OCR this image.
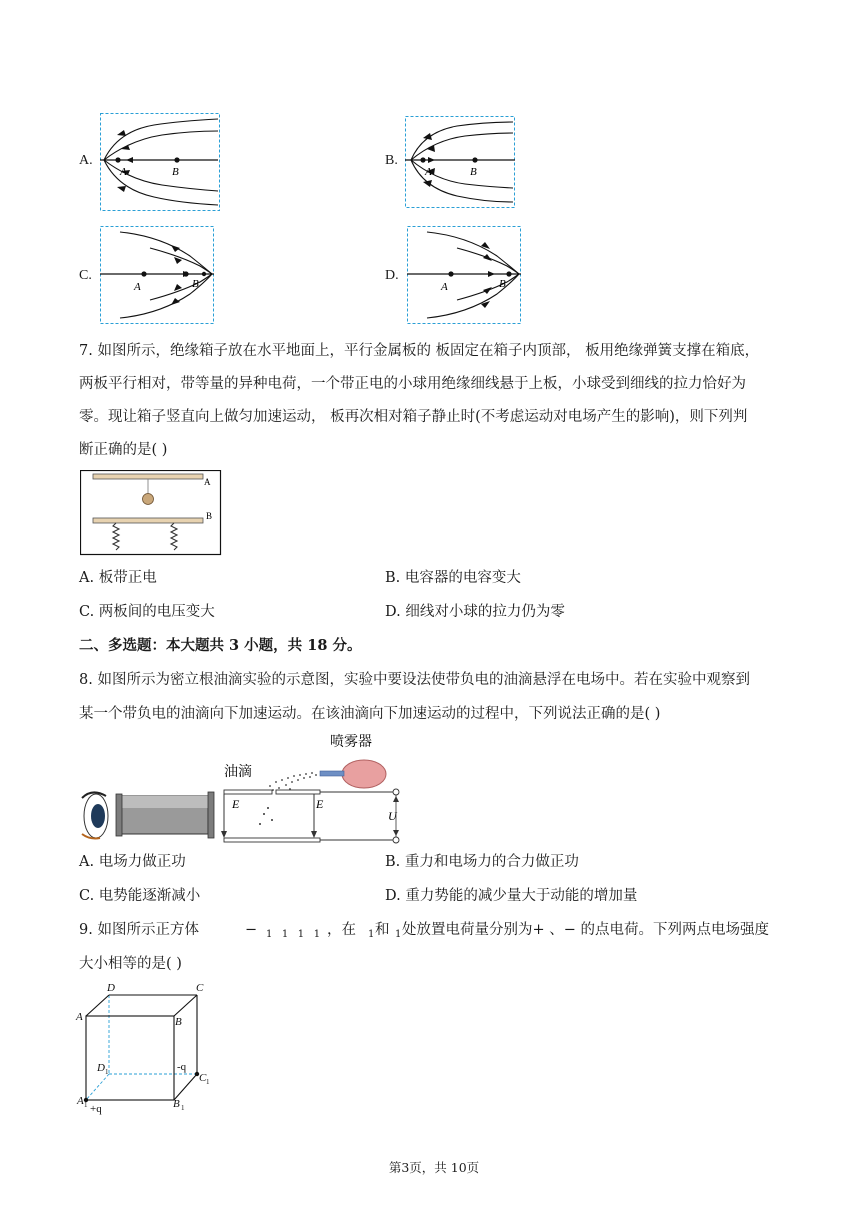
A.
A	B
B.
A	B
C.
A	B
D.
A	B
7. 如图所示，绝缘箱子放在水平地面上，平行金属板的 板固定在箱子内顶部， 板用绝缘弹簧支撑在箱底，
两板平行相对，带等量的异种电荷，一个带正电的小球用绝缘细线悬于上板，小球受到细线的拉力恰好为
零。现让箱子竖直向上做匀加速运动， 板再次相对箱子静止时(不考虑运动对电场产生的影响)，则下列判
断正确的是( )
A
B
A. 板带正电	B. 电容器的电容变大
C. 两板间的电压变大	D. 细线对小球的拉力仍为零
二、多选题：本大题共 3 小题，共 18 分。
8. 如图所示为密立根油滴实验的示意图，实验中要设法使带负电的油滴悬浮在电场中。若在实验中观察到
某一个带负电的油滴向下加速运动。在该油滴向下加速运动的过程中，下列说法正确的是( )
喷雾器
油滴
U
E	E
A. 电场力做正功	B. 重力和电场力的合力做正功
C. 电势能逐渐减小	D. 重力势能的减少量大于动能的增加量
9. 如图所示正方体	− 1   1   1   1 ，在 1 和 1 处放置电荷量分别为+ 、− 的点电荷。下列两点电场强度
大小相等的是( )
D	C
A	B
D 1	-q
C 1
A 1 +q	B 1
第3页，共 10页
